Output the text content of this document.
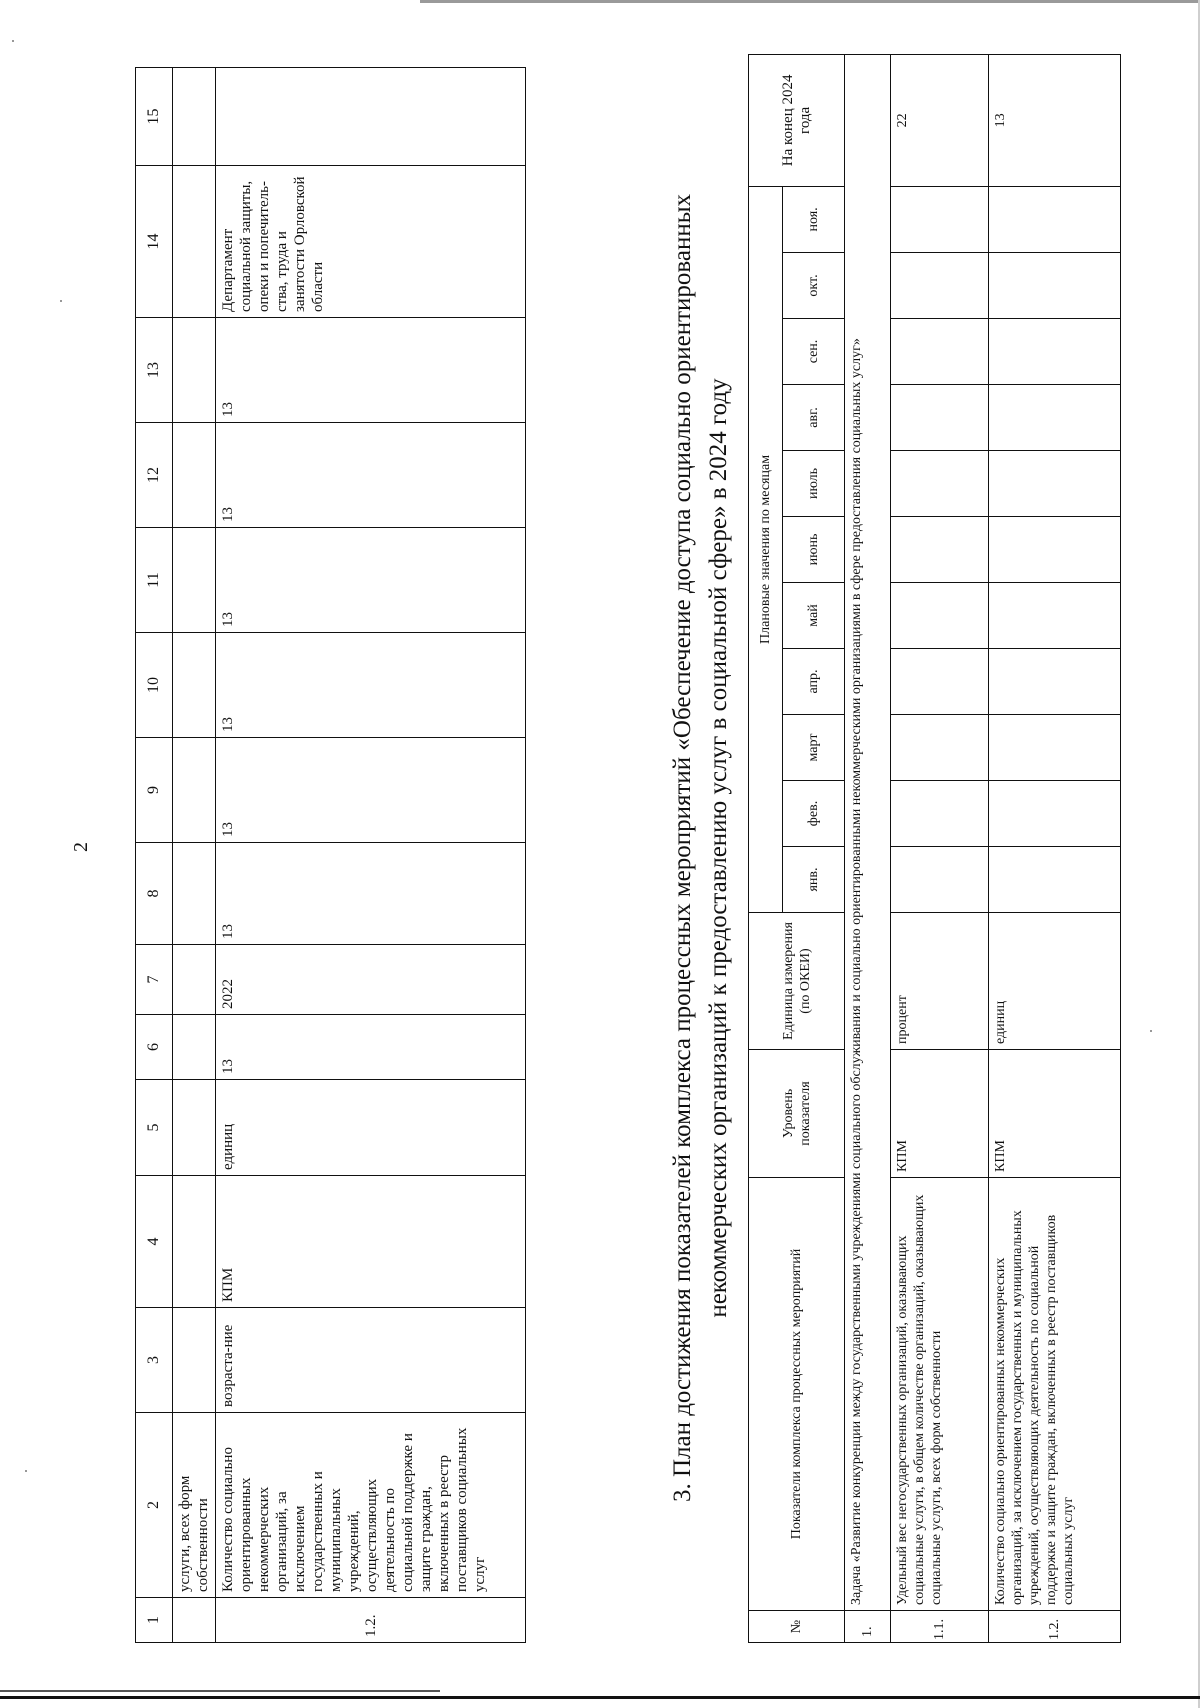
2
1	2	3	4	5	6	7	8	9	10	11	12	13	14	15
	услуги, всех форм собственности													
1.2.	Количество социально ориентированных некоммерческих организаций, за исключением государственных и муниципальных учреждений, осуществляющих деятельность по социальной поддержке и защите граждан, включенных в реестр поставщиков социальных услуг	возраста-ние	КПМ	единиц	13	2022	13	13	13	13	13	13	Департамент социальной защиты, опеки и попечитель-ства, труда и занятости Орловской области		3. План достижения показателей комплекса процессных мероприятий «Обеспечение доступа социально ориентированных некоммерческих организаций к предоставлению услуг в социальной сфере» в 2024 году
№	Показатели комплекса процессных мероприятий	Уровень показателя	Единица измерения (по ОКЕИ)	Плановые значения по месяцам											На конец 2024 года
				янв.	фев.	март	апр.	май	июнь	июль	авг.	сен.	окт.	ноя.	
1.	Задача «Развитие конкуренции между государственными учреждениями социального обслуживания и социально ориентированными некоммерческими организациями в сфере предоставления социальных услуг»														
1.1.	Удельный вес негосударственных организаций, оказывающих социальные услуги, в общем количестве организаций, оказывающих социальные услуги, всех форм собственности	КПМ	процент												22
1.2.	Количество социально ориентированных некоммерческих организаций, за исключением государственных и муниципальных учреждений, осуществляющих деятельность по социальной поддержке и защите граждан, включенных в реестр поставщиков социальных услуг	КПМ	единиц												13
